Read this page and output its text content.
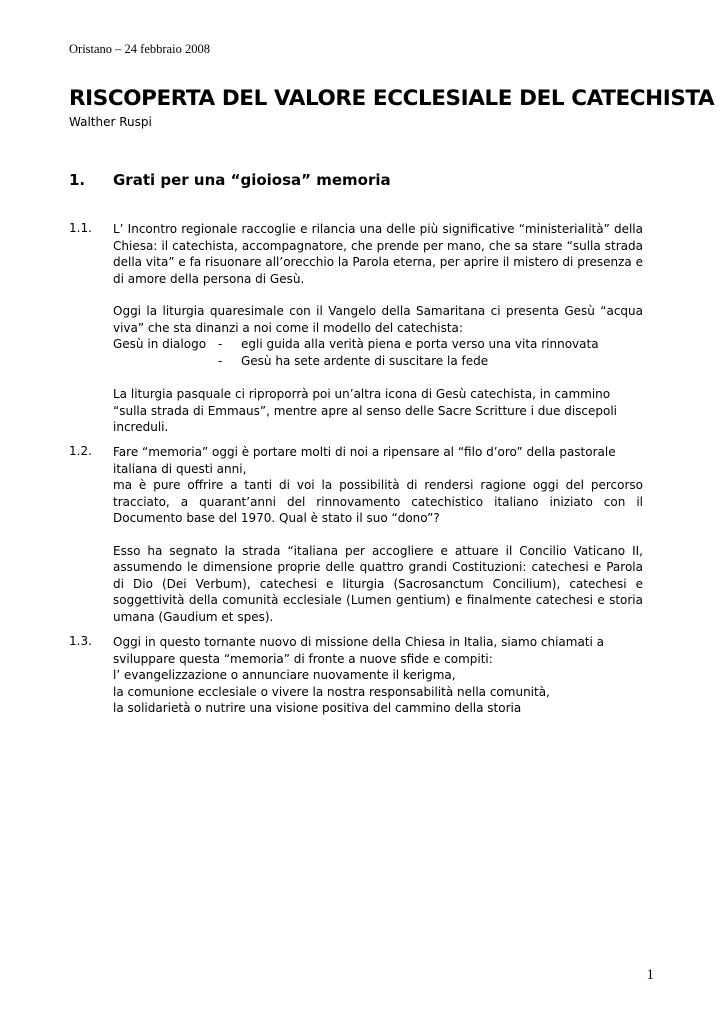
Oristano – 24 febbraio 2008
RISCOPERTA DEL VALORE ECCLESIALE DEL CATECHISTA
Walther Ruspi
1. Grati per una “gioiosa” memoria
1.1. L’ Incontro regionale raccoglie e rilancia una delle più significative “ministerialità” della Chiesa: il catechista, accompagnatore, che prende per mano, che sa stare “sulla strada della vita” e fa risuonare all’orecchio la Parola eterna, per aprire il mistero di presenza e di amore della persona di Gesù.

Oggi la liturgia quaresimale con il Vangelo della Samaritana ci presenta Gesù “acqua viva” che sta dinanzi a noi come il modello del catechista:

Gesù in dialogo -	egli guida alla verità piena e porta verso una vita rinnovata
-	Gesù ha sete ardente di suscitare la fede

La liturgia pasquale ci riproporrà poi un’altra icona di Gesù catechista, in cammino “sulla strada di Emmaus”, mentre apre al senso delle Sacre Scritture i due discepoli increduli.

1.2. Fare “memoria” oggi è portare molti di noi a ripensare al “filo d’oro” della pastorale italiana di questi anni,

ma è pure offrire a tanti di voi la possibilità di rendersi ragione oggi del percorso tracciato, a quarant’anni del rinnovamento catechistico italiano iniziato con il Documento base del 1970. Qual è stato il suo “dono”?

Esso ha segnato la strada “italiana per accogliere e attuare il Concilio Vaticano II, assumendo le dimensione proprie delle quattro grandi Costituzioni: catechesi e Parola di Dio (Dei Verbum), catechesi e liturgia (Sacrosanctum Concilium), catechesi e soggettività della comunità ecclesiale (Lumen gentium) e finalmente catechesi e storia umana (Gaudium et spes).

1.3. Oggi in questo tornante nuovo di missione della Chiesa in Italia, siamo chiamati a
sviluppare questa “memoria” di fronte a nuove sfide e compiti:
l’ evangelizzazione o annunciare nuovamente il kerigma,
la comunione ecclesiale o vivere la nostra responsabilità nella comunità,
la solidarietà o nutrire una visione positiva del cammino della storia
1
